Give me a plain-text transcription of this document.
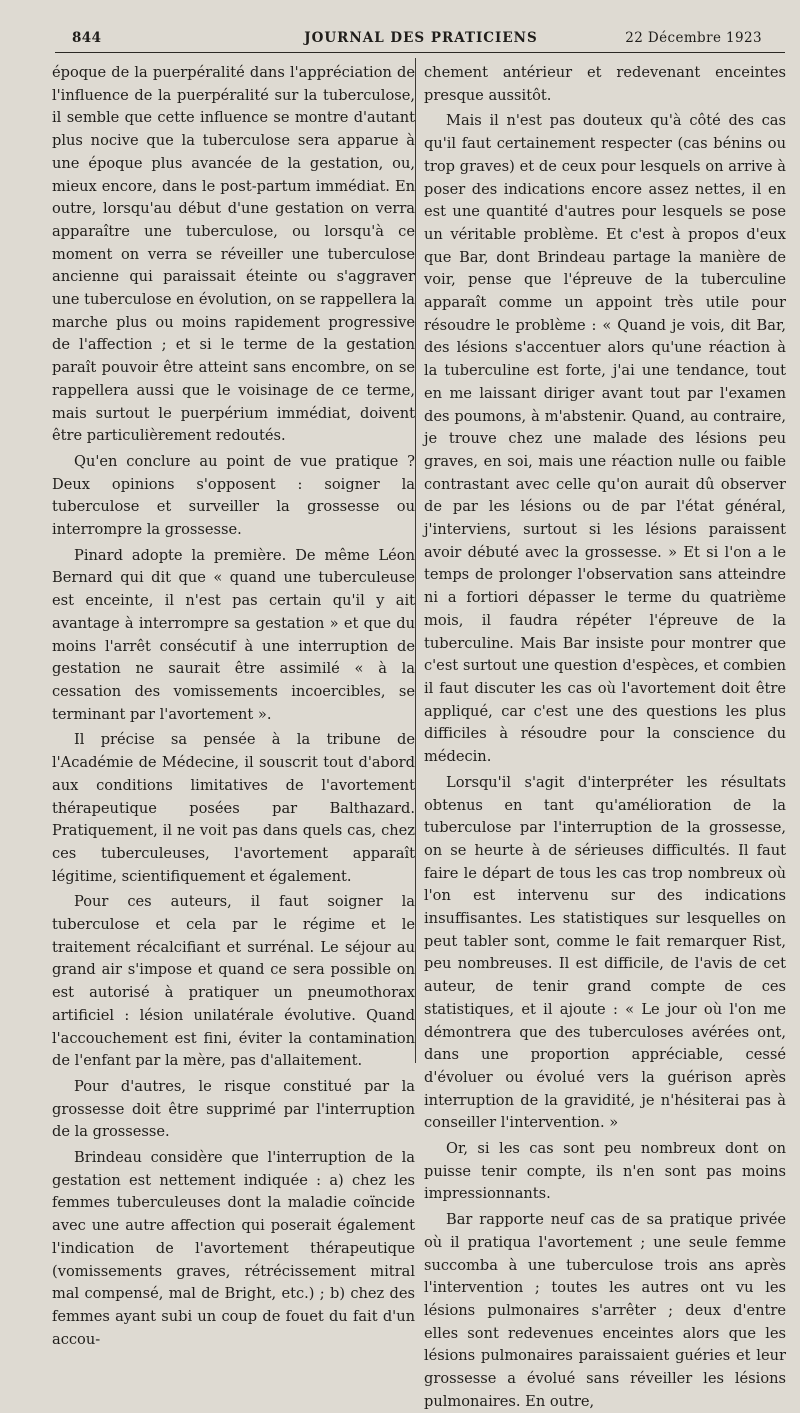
844	JOURNAL DES PRATICIENS	22 Décembre 1923

époque de la puerpéralité dans l'appréciation de l'influence de la puerpéralité sur la tuberculose, il semble que cette influence se montre d'autant plus nocive que la tuberculose sera apparue à une époque plus avancée de la gestation, ou, mieux encore, dans le post-partum immédiat. En outre, lorsqu'au début d'une gestation on verra apparaître une tuberculose, ou lorsqu'à ce moment on verra se réveiller une tuberculose ancienne qui paraissait éteinte ou s'aggraver une tuberculose en évolution, on se rappellera la marche plus ou moins rapidement progressive de l'affection ; et si le terme de la gestation paraît pouvoir être atteint sans encombre, on se rappellera aussi que le voisinage de ce terme, mais surtout le puerpérium immédiat, doivent être particulièrement redoutés.

Qu'en conclure au point de vue pratique ? Deux opinions s'opposent : soigner la tuberculose et surveiller la grossesse ou interrompre la grossesse.

Pinard adopte la première. De même Léon Bernard qui dit que « quand une tuberculeuse est enceinte, il n'est pas certain qu'il y ait avantage à interrompre sa gestation » et que du moins l'arrêt consécutif à une interruption de gestation ne saurait être assimilé « à la cessation des vomissements incoercibles, se terminant par l'avortement ».

Il précise sa pensée à la tribune de l'Académie de Médecine, il souscrit tout d'abord aux conditions limitatives de l'avortement thérapeutique posées par Balthazard. Pratiquement, il ne voit pas dans quels cas, chez ces tuberculeuses, l'avortement apparaît légitime, scientifiquement et également.

Pour ces auteurs, il faut soigner la tuberculose et cela par le régime et le traitement récalcifiant et surrénal. Le séjour au grand air s'impose et quand ce sera possible on est autorisé à pratiquer un pneumothorax artificiel : lésion unilatérale évolutive. Quand l'accouchement est fini, éviter la contamination de l'enfant par la mère, pas d'allaitement.

Pour d'autres, le risque constitué par la grossesse doit être supprimé par l'interruption de la grossesse.

Brindeau considère que l'interruption de la gestation est nettement indiquée : a) chez les femmes tuberculeuses dont la maladie coïncide avec une autre affection qui poserait également l'indication de l'avortement thérapeutique (vomissements graves, rétrécissement mitral mal compensé, mal de Bright, etc.) ; b) chez des femmes ayant subi un coup de fouet du fait d'un accou-

chement antérieur et redevenant enceintes presque aussitôt.

Mais il n'est pas douteux qu'à côté des cas qu'il faut certainement respecter (cas bénins ou trop graves) et de ceux pour lesquels on arrive à poser des indications encore assez nettes, il en est une quantité d'autres pour lesquels se pose un véritable problème. Et c'est à propos d'eux que Bar, dont Brindeau partage la manière de voir, pense que l'épreuve de la tuberculine apparaît comme un appoint très utile pour résoudre le problème : « Quand je vois, dit Bar, des lésions s'accentuer alors qu'une réaction à la tuberculine est forte, j'ai une tendance, tout en me laissant diriger avant tout par l'examen des poumons, à m'abstenir. Quand, au contraire, je trouve chez une malade des lésions peu graves, en soi, mais une réaction nulle ou faible contrastant avec celle qu'on aurait dû observer de par les lésions ou de par l'état général, j'interviens, surtout si les lésions paraissent avoir débuté avec la grossesse. » Et si l'on a le temps de prolonger l'observation sans atteindre ni a fortiori dépasser le terme du quatrième mois, il faudra répéter l'épreuve de la tuberculine. Mais Bar insiste pour montrer que c'est surtout une question d'espèces, et combien il faut discuter les cas où l'avortement doit être appliqué, car c'est une des questions les plus difficiles à résoudre pour la conscience du médecin.

Lorsqu'il s'agit d'interpréter les résultats obtenus en tant qu'amélioration de la tuberculose par l'interruption de la grossesse, on se heurte à de sérieuses difficultés. Il faut faire le départ de tous les cas trop nombreux où l'on est intervenu sur des indications insuffisantes. Les statistiques sur lesquelles on peut tabler sont, comme le fait remarquer Rist, peu nombreuses. Il est difficile, de l'avis de cet auteur, de tenir grand compte de ces statistiques, et il ajoute : « Le jour où l'on me démontrera que des tuberculoses avérées ont, dans une proportion appréciable, cessé d'évoluer ou évolué vers la guérison après interruption de la gravidité, je n'hésiterai pas à conseiller l'intervention. »

Or, si les cas sont peu nombreux dont on puisse tenir compte, ils n'en sont pas moins impressionnants.

Bar rapporte neuf cas de sa pratique privée où il pratiqua l'avortement ; une seule femme succomba à une tuberculose trois ans après l'intervention ; toutes les autres ont vu les lésions pulmonaires s'arrêter ; deux d'entre elles sont redevenues enceintes alors que les lésions pulmonaires paraissaient guéries et leur grossesse a évolué sans réveiller les lésions pulmonaires. En outre,
